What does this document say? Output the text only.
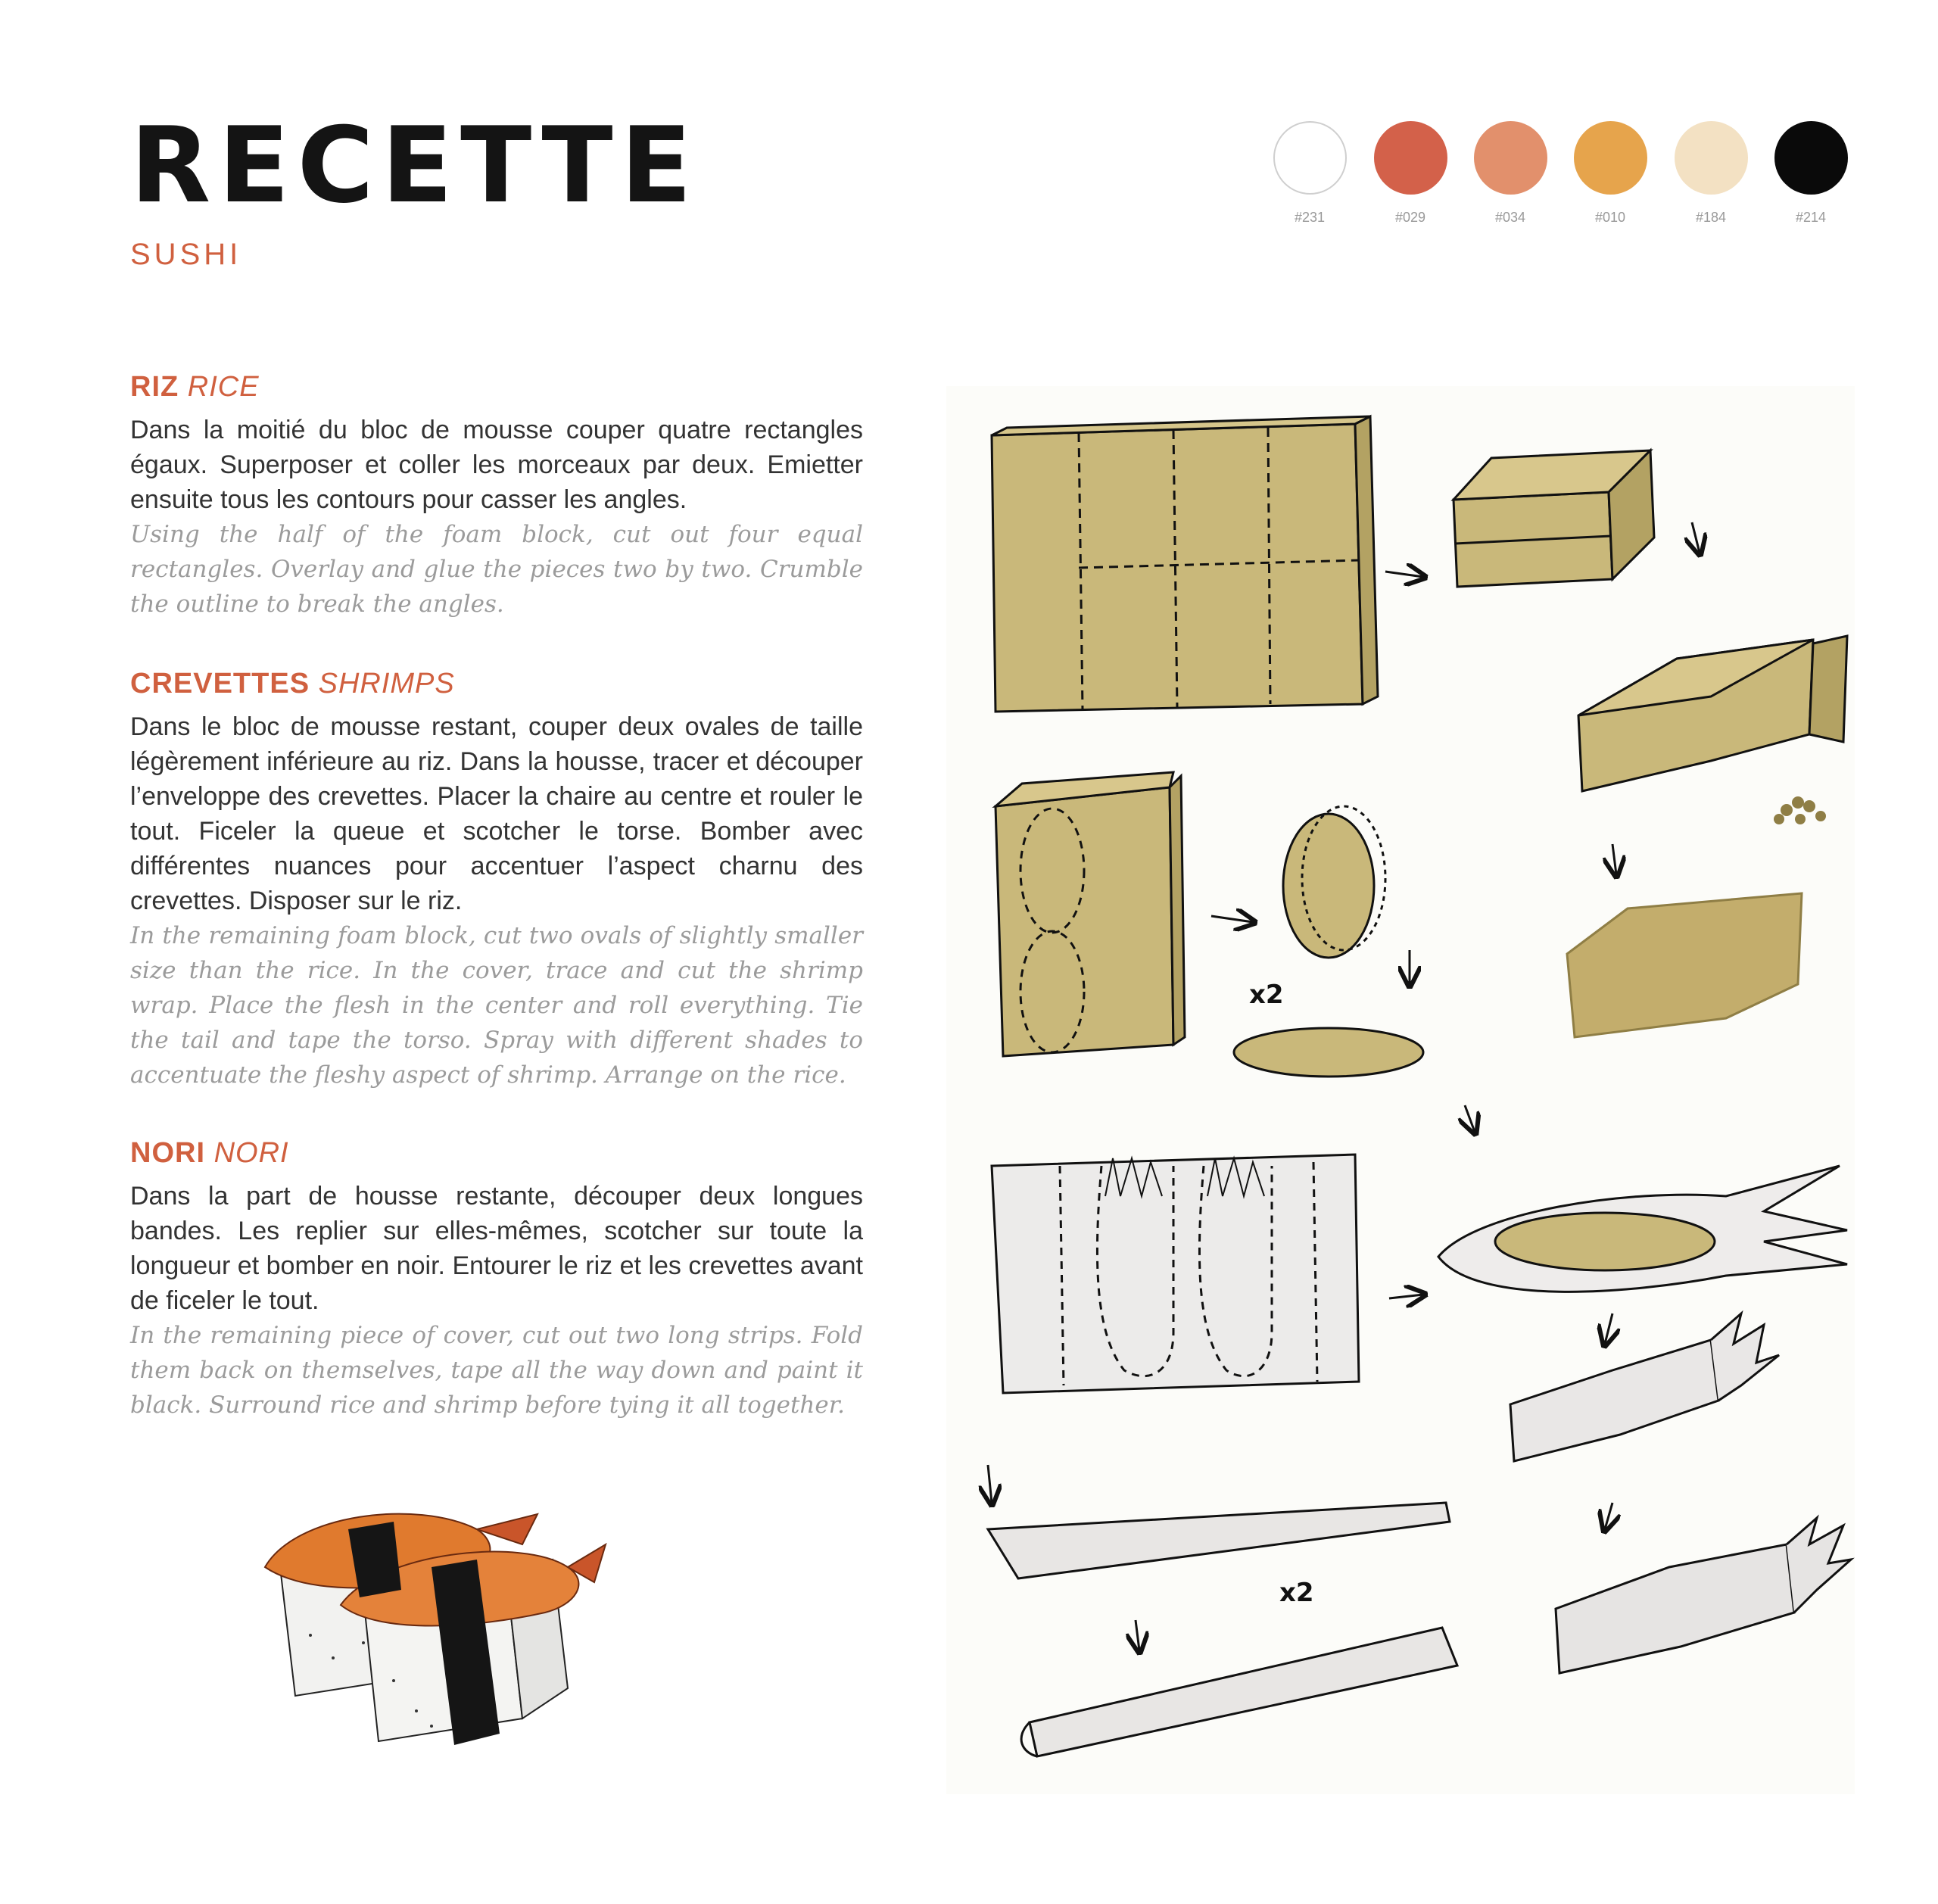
RECETTE
SUSHI
#231	#029	#034	#010	#184	#214
RIZ RICE
Dans la moitié du bloc de mousse couper quatre rectangles égaux. Superposer et coller les morceaux par deux. Emietter ensuite tous les contours pour casser les angles.
Using the half of the foam block, cut out four equal rectangles. Overlay and glue the pieces two by two. Crumble the outline to break the angles.
CREVETTES SHRIMPS
Dans le bloc de mousse restant, couper deux ovales de taille légèrement inférieure au riz. Dans la housse, tracer et découper l’enveloppe des crevettes. Placer la chaire au centre et rouler le tout. Ficeler la queue et scotcher le torse. Bomber avec différentes nuances pour accentuer l’aspect charnu des crevettes. Disposer sur le riz.
In the remaining foam block, cut two ovals of slightly smaller size than the rice. In the cover, trace and cut the shrimp wrap. Place the flesh in the center and roll everything. Tie the tail and tape the torso. Spray with different shades to accentuate the fleshy aspect of shrimp. Arrange on the rice.
NORI NORI
Dans la part de housse restante, découper deux longues bandes. Les replier sur elles-mêmes, scotcher sur toute la longueur et bomber en noir. Entourer le riz et les crevettes avant de ficeler le tout.
In the remaining piece of cover, cut out two long strips. Fold them back on themselves, tape all the way down and paint it black. Surround rice and shrimp before tying it all together.
x2
x2
